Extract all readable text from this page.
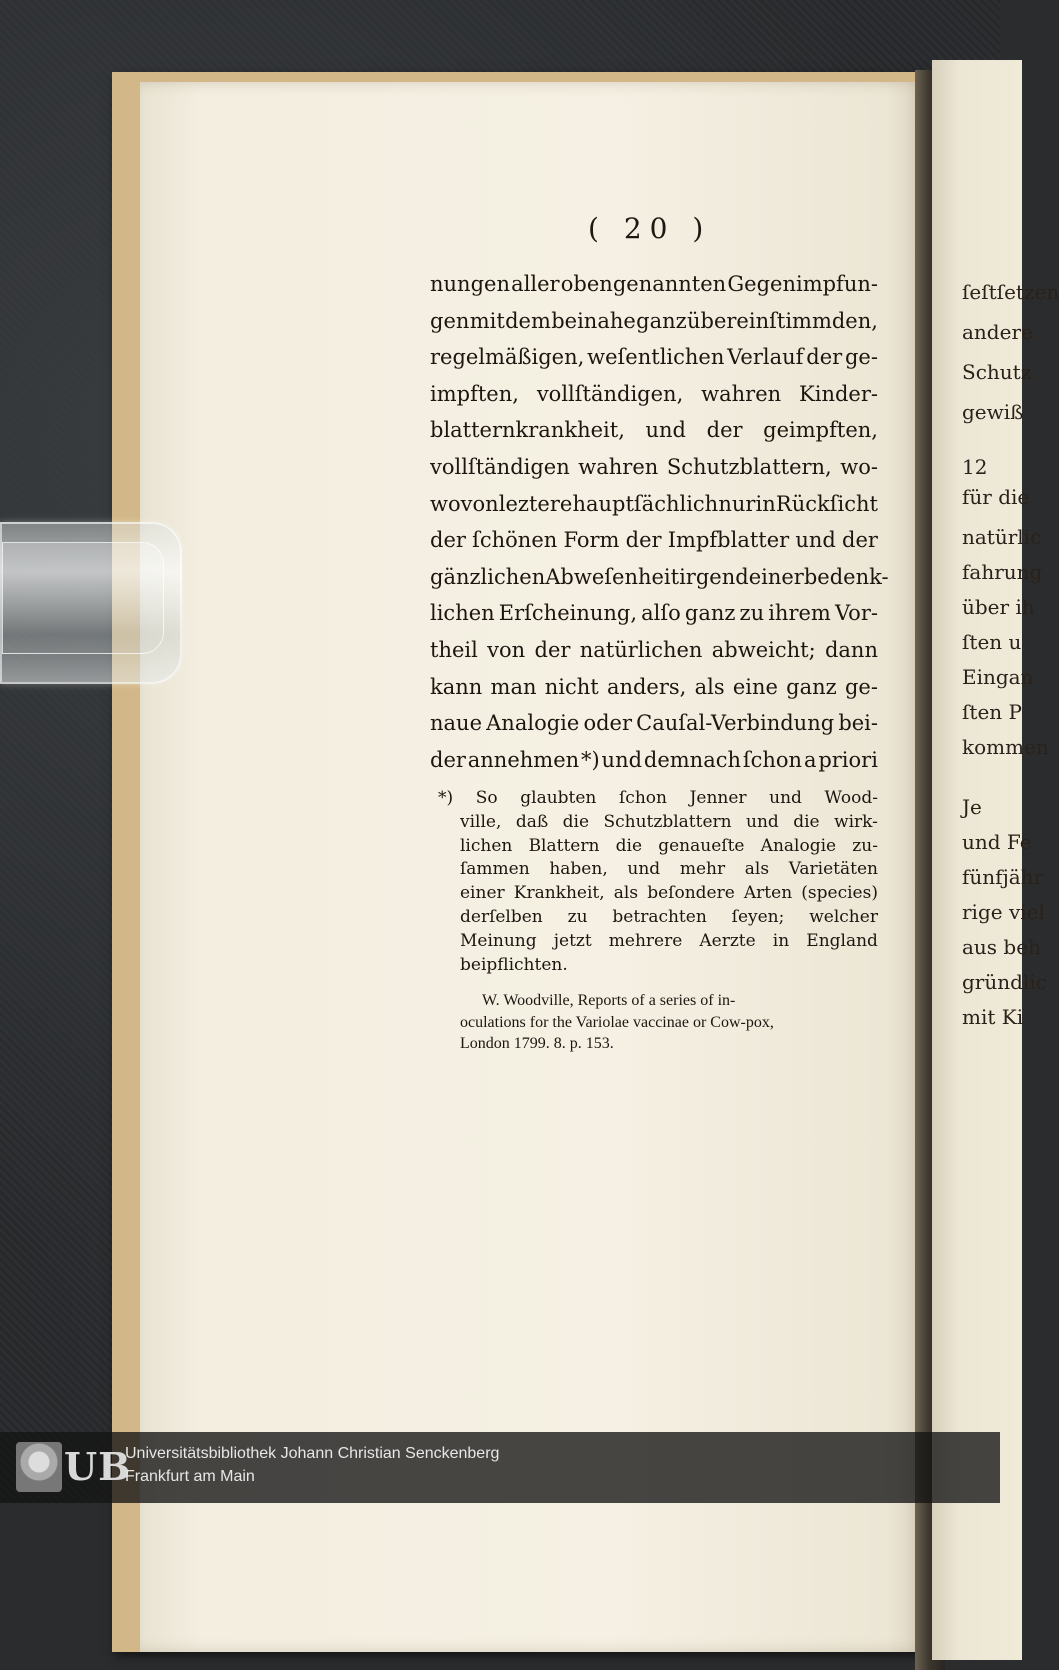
ſeſtſetzen
andere
Schutz
gewiß
12
für die
natürlic
fahrung
über ih
ſten u
Eingan
ſten P
kommen
Je
und Fe
fünfjähr
rige viel
aus beh
gründlic
mit Ki
( 20 )
nungen aller obengenannten Gegenimpfun-
gen mit dem beinahe ganz übereinſtimmden,
regelmäßigen, weſentlichen Verlauf der ge-
impften, vollſtändigen, wahren Kinder-
blatternkrankheit, und der geimpften,
vollſtändigen wahren Schutzblattern, wo-
wovon leztere hauptſächlich nur in Rückſicht
der ſchönen Form der Impfblatter und der
gänzlichen Abweſenheit irgend einer bedenk-
lichen Erſcheinung, alſo ganz zu ihrem Vor-
theil von der natürlichen abweicht; dann
kann man nicht anders, als eine ganz ge-
naue Analogie oder Cauſal-Verbindung bei-
der annehmen *) und demnach ſchon a priori
*) So glaubten ſchon Jenner und Wood-
ville, daß die Schutzblattern und die wirk-
lichen Blattern die genaueſte Analogie zu-
ſammen haben, und mehr als Varietäten
einer Krankheit, als beſondere Arten (species)
derſelben zu betrachten ſeyen; welcher
Meinung jetzt mehrere Aerzte in England
beipflichten.
W. Woodville, Reports of a series of in-
oculations for the Variolae vaccinae or Cow-pox,
London 1799. 8. p. 153.
UB
Universitätsbibliothek Johann Christian Senckenberg
Frankfurt am Main
